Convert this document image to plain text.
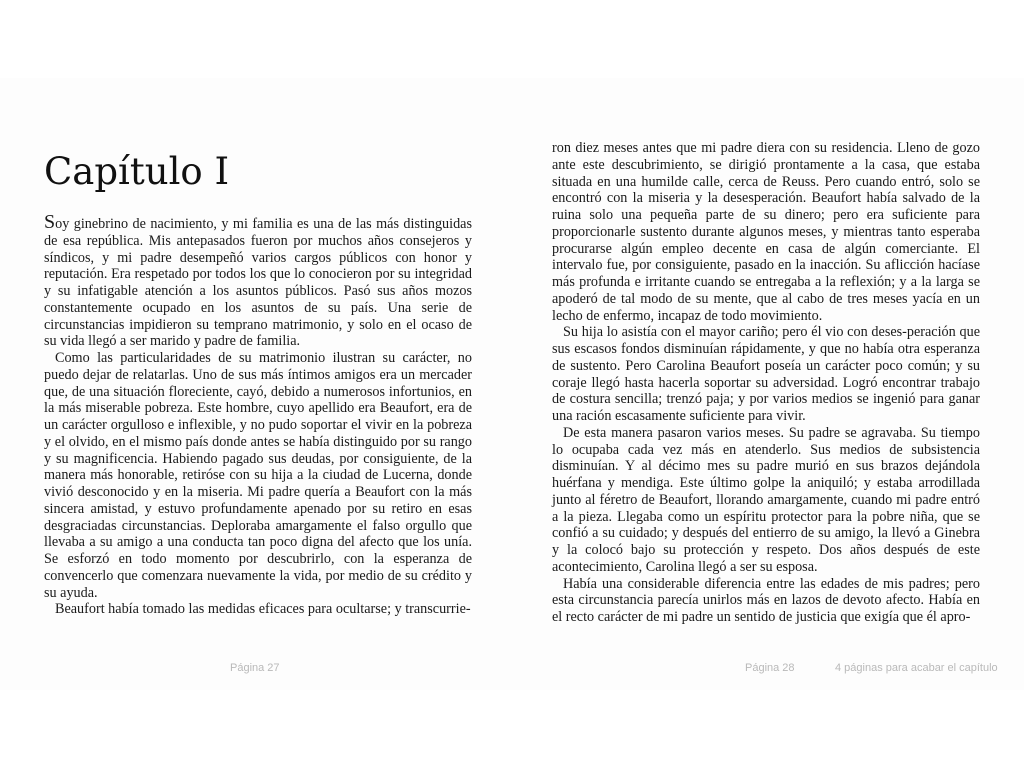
Capítulo I

Soy ginebrino de nacimiento, y mi familia es una de las más distinguidas de esa república. Mis antepasados fueron por muchos años consejeros y síndicos, y mi padre desempeñó varios cargos públicos con honor y reputación. Era respetado por todos los que lo conocieron por su integridad y su infatigable atención a los asuntos públicos. Pasó sus años mozos constantemente ocupado en los asuntos de su país. Una serie de circunstancias impidieron su temprano matrimonio, y solo en el ocaso de su vida llegó a ser marido y padre de familia.

Como las particularidades de su matrimonio ilustran su carácter, no puedo dejar de relatarlas. Uno de sus más íntimos amigos era un mercader que, de una situación floreciente, cayó, debido a numerosos infortunios, en la más miserable pobreza. Este hombre, cuyo apellido era Beaufort, era de un carácter orgulloso e inflexible, y no pudo soportar el vivir en la pobreza y el olvido, en el mismo país donde antes se había distinguido por su rango y su magnificencia. Habiendo pagado sus deudas, por consiguiente, de la manera más honorable, retiróse con su hija a la ciudad de Lucerna, donde vivió desconocido y en la miseria. Mi padre quería a Beaufort con la más sincera amistad, y estuvo profundamente apenado por su retiro en esas desgraciadas circunstancias. Deploraba amargamente el falso orgullo que llevaba a su amigo a una conducta tan poco digna del afecto que los unía. Se esforzó en todo momento por descubrirlo, con la esperanza de convencerlo que comenzara nuevamente la vida, por medio de su crédito y su ayuda.

Beaufort había tomado las medidas eficaces para ocultarse; y transcurrie-

Página 27

ron diez meses antes que mi padre diera con su residencia. Lleno de gozo ante este descubrimiento, se dirigió prontamente a la casa, que estaba situada en una humilde calle, cerca de Reuss. Pero cuando entró, solo se encontró con la miseria y la desesperación. Beaufort había salvado de la ruina solo una pequeña parte de su dinero; pero era suficiente para proporcionarle sustento durante algunos meses, y mientras tanto esperaba procurarse algún empleo decente en casa de algún comerciante. El intervalo fue, por consiguiente, pasado en la inacción. Su aflicción hacíase más profunda e irritante cuando se entregaba a la reflexión; y a la larga se apoderó de tal modo de su mente, que al cabo de tres meses yacía en un lecho de enfermo, incapaz de todo movimiento.

Su hija lo asistía con el mayor cariño; pero él vio con deses-peración que sus escasos fondos disminuían rápidamente, y que no había otra esperanza de sustento. Pero Carolina Beaufort poseía un carácter poco común; y su coraje llegó hasta hacerla soportar su adversidad. Logró encontrar trabajo de costura sencilla; trenzó paja; y por varios medios se ingenió para ganar una ración escasamente suficiente para vivir.

De esta manera pasaron varios meses. Su padre se agravaba. Su tiempo lo ocupaba cada vez más en atenderlo. Sus medios de subsistencia disminuían. Y al décimo mes su padre murió en sus brazos dejándola huérfana y mendiga. Este último golpe la aniquiló; y estaba arrodillada junto al féretro de Beaufort, llorando amargamente, cuando mi padre entró a la pieza. Llegaba como un espíritu protector para la pobre niña, que se confió a su cuidado; y después del entierro de su amigo, la llevó a Ginebra y la colocó bajo su protección y respeto. Dos años después de este acontecimiento, Carolina llegó a ser su esposa.

Había una considerable diferencia entre las edades de mis padres; pero esta circunstancia parecía unirlos más en lazos de devoto afecto. Había en el recto carácter de mi padre un sentido de justicia que exigía que él apro-

Página 28	4 páginas para acabar el capítulo
